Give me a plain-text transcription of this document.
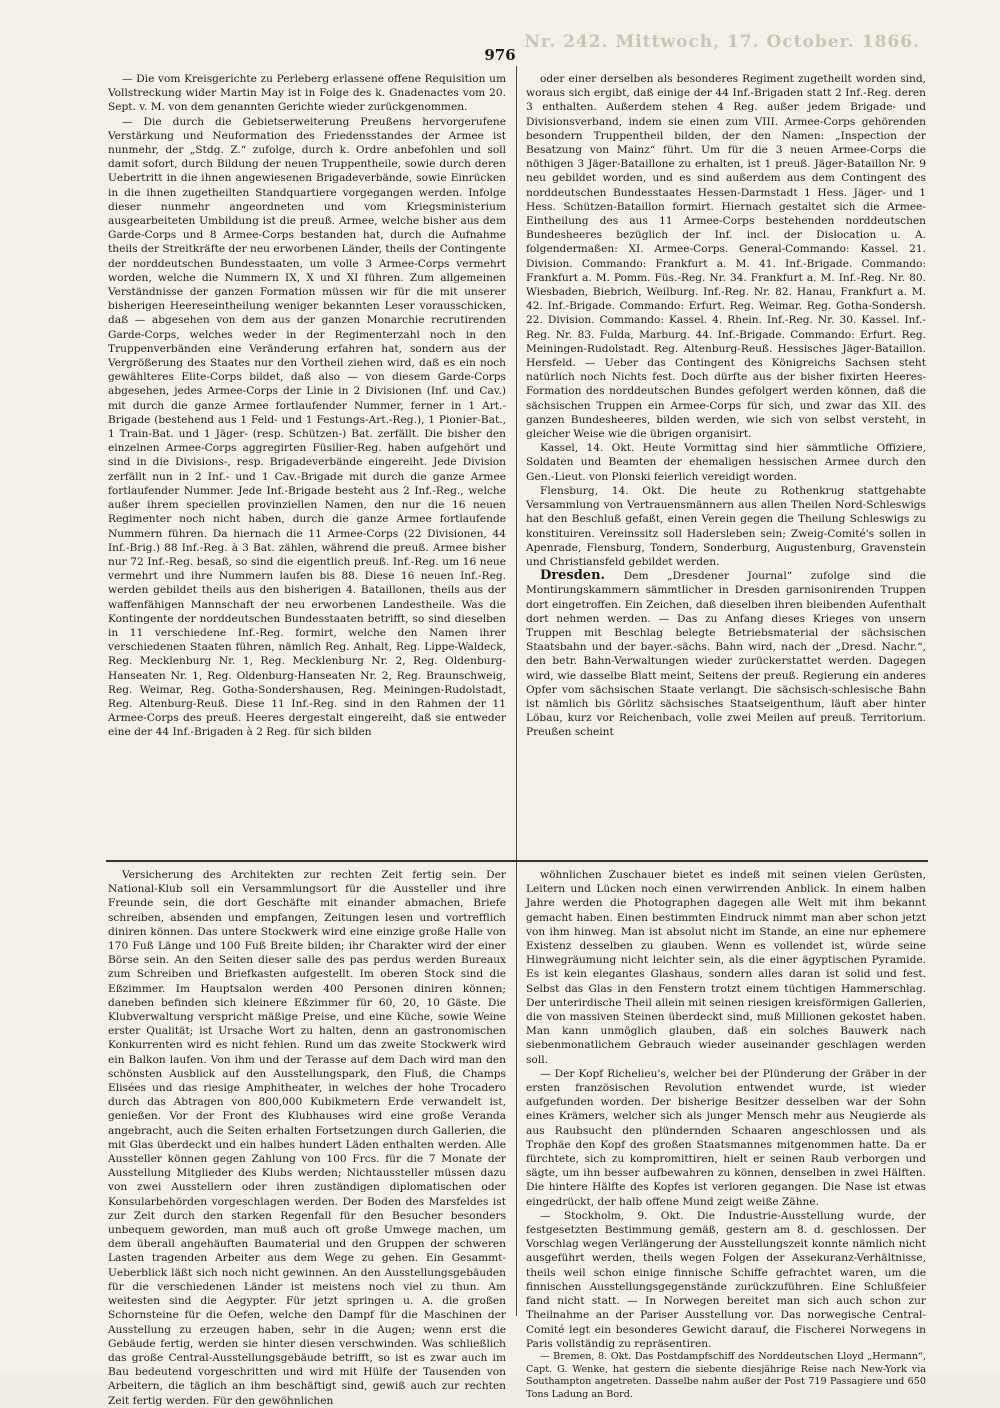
Nr. 242. Mittwoch, 17. October. 1866.
976

— Die vom Kreisgerichte zu Perleberg erlassene offene Requisition um Vollstreckung wider Martin May ist in Folge des k. Gnadenactes vom 20. Sept. v. M. von dem genannten Gerichte wieder zurückgenommen.

— Die durch die Gebietserweiterung Preußens hervorgerufene Verstärkung und Neuformation des Friedensstandes der Armee ist nunmehr, der „Stdg. Z.“ zufolge, durch k. Ordre anbefohlen und soll damit sofort, durch Bildung der neuen Truppentheile, sowie durch deren Uebertritt in die ihnen angewiesenen Brigadeverbände, sowie Einrücken in die ihnen zugetheilten Standquartiere vorgegangen werden. Infolge dieser nunmehr angeordneten und vom Kriegsministerium ausgearbeiteten Umbildung ist die preuß. Armee, welche bisher aus dem Garde-Corps und 8 Armee-Corps bestanden hat, durch die Aufnahme theils der Streitkräfte der neu erworbenen Länder, theils der Contingente der norddeutschen Bundesstaaten, um volle 3 Armee-Corps vermehrt worden, welche die Nummern IX, X und XI führen. Zum allgemeinen Verständnisse der ganzen Formation müssen wir für die mit unserer bisherigen Heereseintheilung weniger bekannten Leser vorausschicken, daß — abgesehen von dem aus der ganzen Monarchie recrutirenden Garde-Corps, welches weder in der Regimenterzahl noch in den Truppenverbänden eine Veränderung erfahren hat, sondern aus der Vergrößerung des Staates nur den Vortheil ziehen wird, daß es ein noch gewählteres Elite-Corps bildet, daß also — von diesem Garde-Corps abgesehen, jedes Armee-Corps der Linie in 2 Divisionen (Inf. und Cav.) mit durch die ganze Armee fortlaufender Nummer, ferner in 1 Art.-Brigade (bestehend aus 1 Feld- und 1 Festungs-Art.-Reg.), 1 Pionier-Bat., 1 Train-Bat. und 1 Jäger- (resp. Schützen-) Bat. zerfällt. Die bisher den einzelnen Armee-Corps aggregirten Füsilier-Reg. haben aufgehört und sind in die Divisions-, resp. Brigadeverbände eingereiht. Jede Division zerfällt nun in 2 Inf.- und 1 Cav.-Brigade mit durch die ganze Armee fortlaufender Nummer. Jede Inf.-Brigade besteht aus 2 Inf.-Reg., welche außer ihrem speciellen provinziellen Namen, den nur die 16 neuen Regimenter noch nicht haben, durch die ganze Armee fortlaufende Nummern führen. Da hiernach die 11 Armee-Corps (22 Divisionen, 44 Inf.-Brig.) 88 Inf.-Reg. à 3 Bat. zählen, während die preuß. Armee bisher nur 72 Inf.-Reg. besaß, so sind die eigentlich preuß. Inf.-Reg. um 16 neue vermehrt und ihre Nummern laufen bis 88. Diese 16 neuen Inf.-Reg. werden gebildet theils aus den bisherigen 4. Bataillonen, theils aus der waffenfähigen Mannschaft der neu erworbenen Landestheile. Was die Kontingente der norddeutschen Bundesstaaten betrifft, so sind dieselben in 11 verschiedene Inf.-Reg. formirt, welche den Namen ihrer verschiedenen Staaten führen, nämlich Reg. Anhalt, Reg. Lippe-Waldeck, Reg. Mecklenburg Nr. 1, Reg. Mecklenburg Nr. 2, Reg. Oldenburg-Hanseaten Nr. 1, Reg. Oldenburg-Hanseaten Nr. 2, Reg. Braunschweig, Reg. Weimar, Reg. Gotha-Sondershausen, Reg. Meiningen-Rudolstadt, Reg. Altenburg-Reuß. Diese 11 Inf.-Reg. sind in den Rahmen der 11 Armee-Corps des preuß. Heeres dergestalt eingereiht, daß sie entweder eine der 44 Inf.-Brigaden à 2 Reg. für sich bilden

oder einer derselben als besonderes Regiment zugetheilt worden sind, woraus sich ergibt, daß einige der 44 Inf.-Brigaden statt 2 Inf.-Reg. deren 3 enthalten. Außerdem stehen 4 Reg. außer jedem Brigade- und Divisionsverband, indem sie einen zum VIII. Armee-Corps gehörenden besondern Truppentheil bilden, der den Namen: „Inspection der Besatzung von Mainz“ führt. Um für die 3 neuen Armee-Corps die nöthigen 3 Jäger-Bataillone zu erhalten, ist 1 preuß. Jäger-Bataillon Nr. 9 neu gebildet worden, und es sind außerdem aus dem Contingent des norddeutschen Bundesstaates Hessen-Darmstadt 1 Hess. Jäger- und 1 Hess. Schützen-Bataillon formirt. Hiernach gestaltet sich die Armee-Eintheilung des aus 11 Armee-Corps bestehenden norddeutschen Bundesheeres bezüglich der Inf. incl. der Dislocation u. A. folgendermaßen: XI. Armee-Corps. General-Commando: Kassel. 21. Division. Commando: Frankfurt a. M. 41. Inf.-Brigade. Commando: Frankfurt a. M. Pomm. Füs.-Reg. Nr. 34. Frankfurt a. M. Inf.-Reg. Nr. 80. Wiesbaden, Biebrich, Weilburg. Inf.-Reg. Nr. 82. Hanau, Frankfurt a. M. 42. Inf.-Brigade. Commando: Erfurt. Reg. Weimar. Reg. Gotha-Sondersh. 22. Division. Commando: Kassel. 4. Rhein. Inf.-Reg. Nr. 30. Kassel. Inf.-Reg. Nr. 83. Fulda, Marburg. 44. Inf.-Brigade. Commando: Erfurt. Reg. Meiningen-Rudolstadt. Reg. Altenburg-Reuß. Hessisches Jäger-Bataillon. Hersfeld. — Ueber das Contingent des Königreichs Sachsen steht natürlich noch Nichts fest. Doch dürfte aus der bisher fixirten Heeres-Formation des norddeutschen Bundes gefolgert werden können, daß die sächsischen Truppen ein Armee-Corps für sich, und zwar das XII. des ganzen Bundesheeres, bilden werden, wie sich von selbst versteht, in gleicher Weise wie die übrigen organisirt.

Kassel, 14. Okt. Heute Vormittag sind hier sämmtliche Offiziere, Soldaten und Beamten der ehemaligen hessischen Armee durch den Gen.-Lieut. von Plonski feierlich vereidigt worden.

Flensburg, 14. Okt. Die heute zu Rothenkrug stattgehabte Versammlung von Vertrauensmännern aus allen Theilen Nord-Schleswigs hat den Beschluß gefaßt, einen Verein gegen die Theilung Schleswigs zu konstituiren. Vereinssitz soll Hadersleben sein; Zweig-Comité's sollen in Apenrade, Flensburg, Tondern, Sonderburg, Augustenburg, Gravenstein und Christiansfeld gebildet werden.

Dresden. Dem „Dresdener Journal“ zufolge sind die Montirungskammern sämmtlicher in Dresden garnisonirenden Truppen dort eingetroffen. Ein Zeichen, daß dieselben ihren bleibenden Aufenthalt dort nehmen werden. — Das zu Anfang dieses Krieges von unsern Truppen mit Beschlag belegte Betriebsmaterial der sächsischen Staatsbahn und der bayer.-sächs. Bahn wird, nach der „Dresd. Nachr.“, den betr. Bahn-Verwaltungen wieder zurückerstattet werden. Dagegen wird, wie dasselbe Blatt meint, Seitens der preuß. Regierung ein anderes Opfer vom sächsischen Staate verlangt. Die sächsisch-schlesische Bahn ist nämlich bis Görlitz sächsisches Staatseigenthum, läuft aber hinter Löbau, kurz vor Reichenbach, volle zwei Meilen auf preuß. Territorium. Preußen scheint

Versicherung des Architekten zur rechten Zeit fertig sein. Der National-Klub soll ein Versammlungsort für die Aussteller und ihre Freunde sein, die dort Geschäfte mit einander abmachen, Briefe schreiben, absenden und empfangen, Zeitungen lesen und vortrefflich diniren können. Das untere Stockwerk wird eine einzige große Halle von 170 Fuß Länge und 100 Fuß Breite bilden; ihr Charakter wird der einer Börse sein. An den Seiten dieser salle des pas perdus werden Bureaux zum Schreiben und Briefkasten aufgestellt. Im oberen Stock sind die Eßzimmer. Im Hauptsalon werden 400 Personen diniren können; daneben befinden sich kleinere Eßzimmer für 60, 20, 10 Gäste. Die Klubverwaltung verspricht mäßige Preise, und eine Küche, sowie Weine erster Qualität; ist Ursache Wort zu halten, denn an gastronomischen Konkurrenten wird es nicht fehlen. Rund um das zweite Stockwerk wird ein Balkon laufen. Von ihm und der Terasse auf dem Dach wird man den schönsten Ausblick auf den Ausstellungspark, den Fluß, die Champs Elisées und das riesige Amphitheater, in welches der hohe Trocadero durch das Abtragen von 800,000 Kubikmetern Erde verwandelt ist, genießen. Vor der Front des Klubhauses wird eine große Veranda angebracht, auch die Seiten erhalten Fortsetzungen durch Gallerien, die mit Glas überdeckt und ein halbes hundert Läden enthalten werden. Alle Aussteller können gegen Zahlung von 100 Frcs. für die 7 Monate der Ausstellung Mitglieder des Klubs werden; Nichtaussteller müssen dazu von zwei Ausstellern oder ihren zuständigen diplomatischen oder Konsularbehörden vorgeschlagen werden. Der Boden des Marsfeldes ist zur Zeit durch den starken Regenfall für den Besucher besonders unbequem geworden, man muß auch oft große Umwege machen, um dem überall angehäuften Baumaterial und den Gruppen der schweren Lasten tragenden Arbeiter aus dem Wege zu gehen. Ein Gesammt-Ueberblick läßt sich noch nicht gewinnen. An den Ausstellungsgebäuden für die verschiedenen Länder ist meistens noch viel zu thun. Am weitesten sind die Aegypter. Für jetzt springen u. A. die großen Schornsteine für die Oefen, welche den Dampf für die Maschinen der Ausstellung zu erzeugen haben, sehr in die Augen; wenn erst die Gebäude fertig, werden sie hinter diesen verschwinden. Was schließlich das große Central-Ausstellungsgebäude betrifft, so ist es zwar auch im Bau bedeutend vorgeschritten und wird mit Hülfe der Tausenden von Arbeitern, die täglich an ihm beschäftigt sind, gewiß auch zur rechten Zeit fertig werden. Für den gewöhnlichen

wöhnlichen Zuschauer bietet es indeß mit seinen vielen Gerüsten, Leitern und Lücken noch einen verwirrenden Anblick. In einem halben Jahre werden die Photographen dagegen alle Welt mit ihm bekannt gemacht haben. Einen bestimmten Eindruck nimmt man aber schon jetzt von ihm hinweg. Man ist absolut nicht im Stande, an eine nur ephemere Existenz desselben zu glauben. Wenn es vollendet ist, würde seine Hinwegräumung nicht leichter sein, als die einer ägyptischen Pyramide. Es ist kein elegantes Glashaus, sondern alles daran ist solid und fest. Selbst das Glas in den Fenstern trotzt einem tüchtigen Hammerschlag. Der unterirdische Theil allein mit seinen riesigen kreisförmigen Gallerien, die von massiven Steinen überdeckt sind, muß Millionen gekostet haben. Man kann unmöglich glauben, daß ein solches Bauwerk nach siebenmonatlichem Gebrauch wieder auseinander geschlagen werden soll.

— Der Kopf Richelieu's, welcher bei der Plünderung der Gräber in der ersten französischen Revolution entwendet wurde, ist wieder aufgefunden worden. Der bisherige Besitzer desselben war der Sohn eines Krämers, welcher sich als junger Mensch mehr aus Neugierde als aus Raubsucht den plündernden Schaaren angeschlossen und als Trophäe den Kopf des großen Staatsmannes mitgenommen hatte. Da er fürchtete, sich zu kompromittiren, hielt er seinen Raub verborgen und sägte, um ihn besser aufbewahren zu können, denselben in zwei Hälften. Die hintere Hälfte des Kopfes ist verloren gegangen. Die Nase ist etwas eingedrückt, der halb offene Mund zeigt weiße Zähne.

— Stockholm, 9. Okt. Die Industrie-Ausstellung wurde, der festgesetzten Bestimmung gemäß, gestern am 8. d. geschlossen. Der Vorschlag wegen Verlängerung der Ausstellungszeit konnte nämlich nicht ausgeführt werden, theils wegen Folgen der Assekuranz-Verhältnisse, theils weil schon einige finnische Schiffe gefrachtet waren, um die finnischen Ausstellungsgegenstände zurückzuführen. Eine Schlußfeier fand nicht statt. — In Norwegen bereitet man sich auch schon zur Theilnahme an der Pariser Ausstellung vor. Das norwegische Central-Comité legt ein besonderes Gewicht darauf, die Fischerei Norwegens in Paris vollständig zu repräsentiren.

— Bremen, 8. Okt. Das Postdampfschiff des Norddeutschen Lloyd „Hermann“, Capt. G. Wenke, hat gestern die siebente diesjährige Reise nach New-York via Southampton angetreten. Dasselbe nahm außer der Post 719 Passagiere und 650 Tons Ladung an Bord.
